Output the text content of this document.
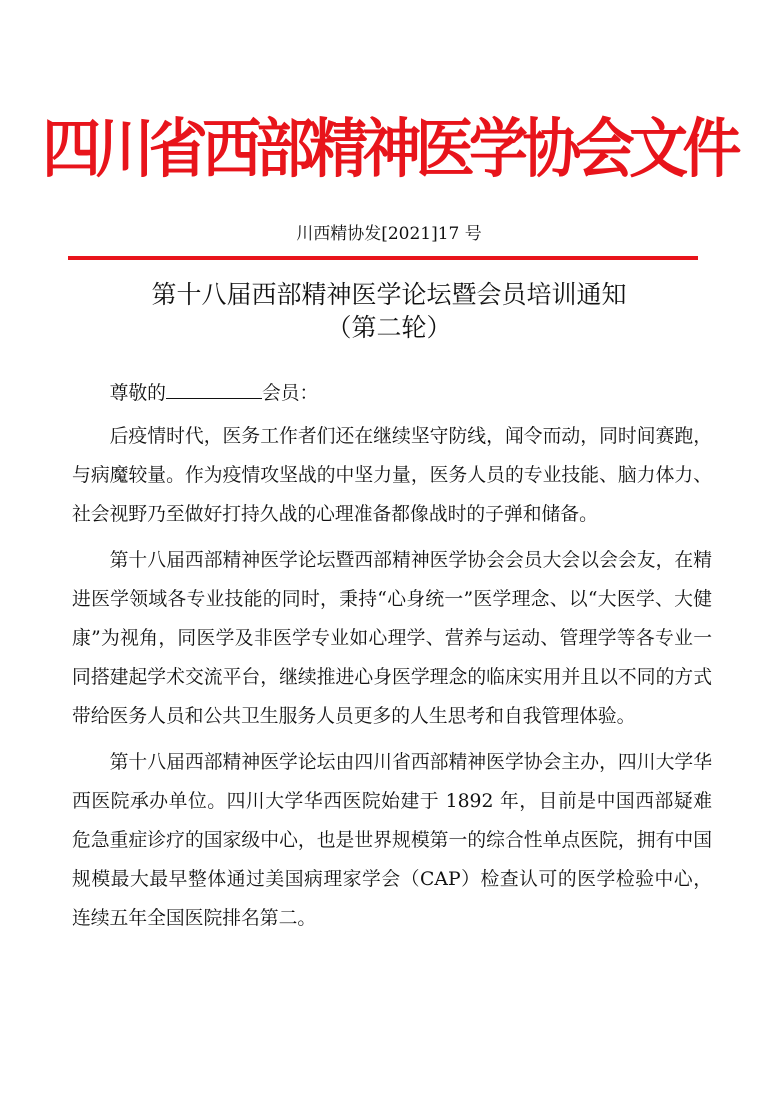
四川省西部精神医学协会文件
川西精协发[2021]17 号
第十八届西部精神医学论坛暨会员培训通知
（第二轮）
尊敬的	会员：

后疫情时代，医务工作者们还在继续坚守防线，闻令而动，同时间赛跑，与病魔较量。作为疫情攻坚战的中坚力量，医务人员的专业技能、脑力体力、社会视野乃至做好打持久战的心理准备都像战时的子弹和储备。

第十八届西部精神医学论坛暨西部精神医学协会会员大会以会会友，在精进医学领域各专业技能的同时，秉持“心身统一”医学理念、以“大医学、大健康”为视角，同医学及非医学专业如心理学、营养与运动、管理学等各专业一同搭建起学术交流平台，继续推进心身医学理念的临床实用并且以不同的方式带给医务人员和公共卫生服务人员更多的人生思考和自我管理体验。

第十八届西部精神医学论坛由四川省西部精神医学协会主办，四川大学华西医院承办单位。四川大学华西医院始建于 1892 年，目前是中国西部疑难危急重症诊疗的国家级中心，也是世界规模第一的综合性单点医院，拥有中国规模最大最早整体通过美国病理家学会（CAP）检查认可的医学检验中心，连续五年全国医院排名第二。
